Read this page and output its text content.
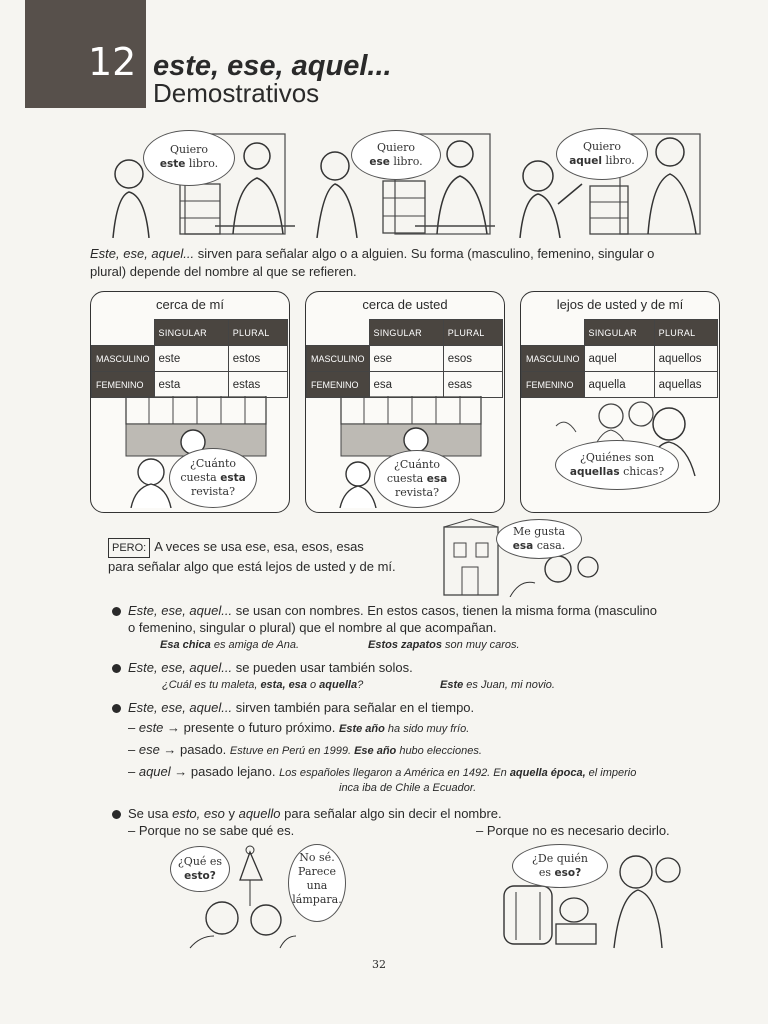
12 este, ese, aquel...
Demostrativos
Quiero
este libro.
Quiero
ese libro.
Quiero
aquel libro.
Este, ese, aquel... sirven para señalar algo o a alguien. Su forma (masculino, femenino, singular o plural) depende del nombre al que se refieren.
cerca de mí
	SINGULAR	PLURAL
MASCULINO	este	estos
FEMENINO	esta	estas
¿Cuánto
cuesta esta
revista?
cerca de usted
	SINGULAR	PLURAL
MASCULINO	ese	esos
FEMENINO	esa	esas
¿Cuánto
cuesta esa
revista?
lejos de usted y de mí
	SINGULAR	PLURAL
MASCULINO	aquel	aquellos
FEMENINO	aquella	aquellas
¿Quiénes son
aquellas chicas?
PERO: A veces se usa ese, esa, esos, esas
para señalar algo que está lejos de usted y de mí.
Me gusta
esa casa.
Este, ese, aquel... se usan con nombres. En estos casos, tienen la misma forma (masculino
o femenino, singular o plural) que el nombre al que acompañan.
Esa chica es amiga de Ana.	Estos zapatos son muy caros.
Este, ese, aquel... se pueden usar también solos.
¿Cuál es tu maleta, esta, esa o aquella?	Este es Juan, mi novio.
Este, ese, aquel... sirven también para señalar en el tiempo.
– este → presente o futuro próximo. Este año ha sido muy frío.
– ese → pasado. Estuve en Perú en 1999. Ese año hubo elecciones.
– aquel → pasado lejano. Los españoles llegaron a América en 1492. En aquella época, el imperio
inca iba de Chile a Ecuador.
Se usa esto, eso y aquello para señalar algo sin decir el nombre.
– Porque no se sabe qué es.	– Porque no es necesario decirlo.
¿Qué es
esto?
No sé.
Parece
una
lámpara.
¿De quién
es eso?
32
